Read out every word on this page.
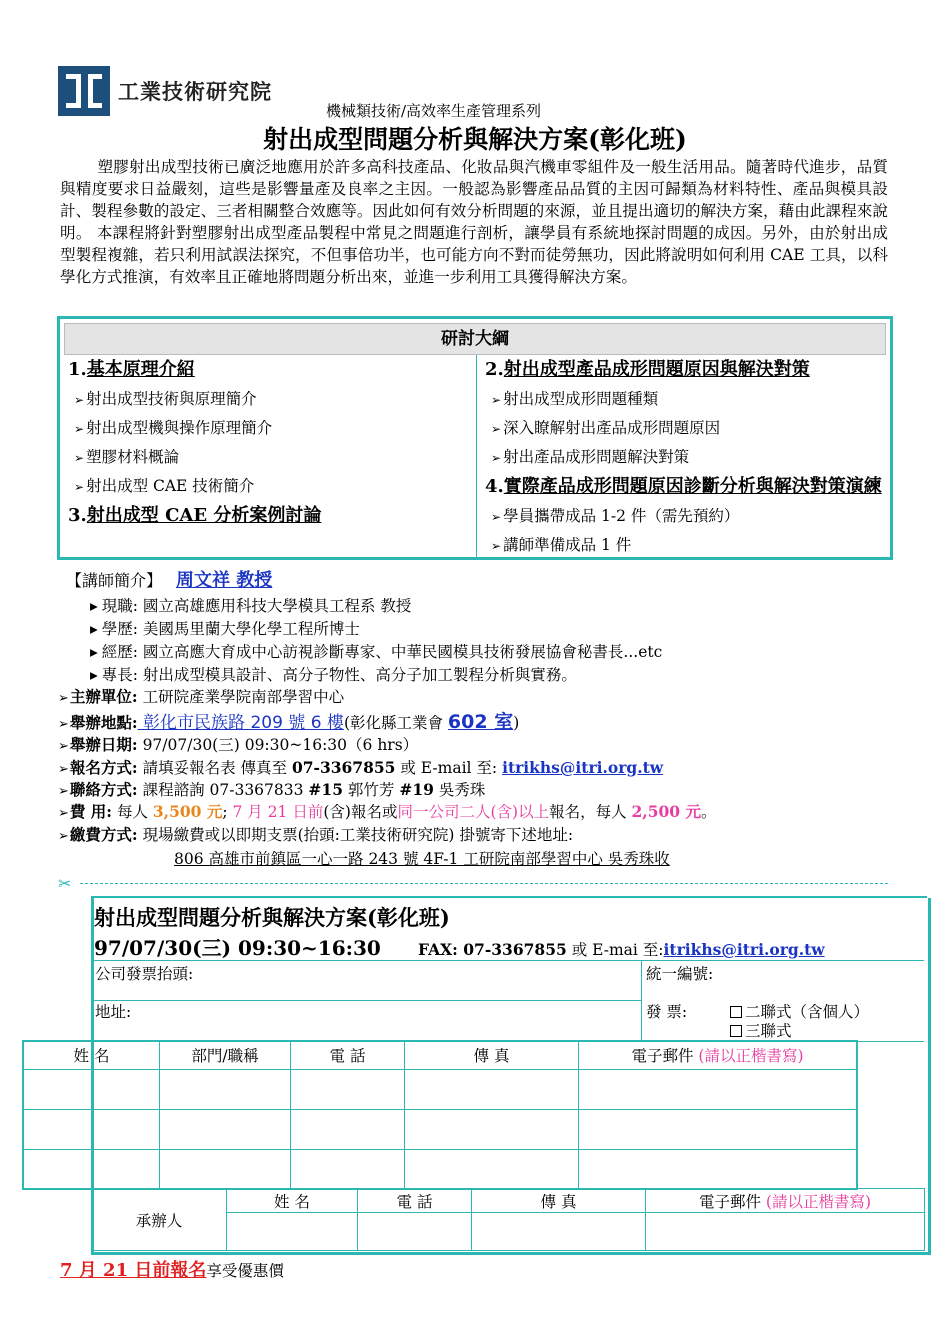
工業技術研究院
機械類技術/高效率生產管理系列
射出成型問題分析與解決方案(彰化班)

塑膠射出成型技術已廣泛地應用於許多高科技產品、化妝品與汽機車零組件及一般生活用品。隨著時代進步，品質與精度要求日益嚴刻，這些是影響量產及良率之主因。一般認為影響產品品質的主因可歸類為材料特性、產品與模具設計、製程參數的設定、三者相關整合效應等。因此如何有效分析問題的來源，並且提出適切的解決方案，藉由此課程來說明。 本課程將針對塑膠射出成型產品製程中常見之問題進行剖析，讓學員有系統地探討問題的成因。另外，由於射出成型製程複雜，若只利用試誤法探究，不但事倍功半，也可能方向不對而徒勞無功，因此將說明如何利用 CAE 工具，以科學化方式推演，有效率且正確地將問題分析出來，並進一步利用工具獲得解決方案。

研討大綱
1.基本原理介紹
➢ 射出成型技術與原理簡介
➢ 射出成型機與操作原理簡介
➢ 塑膠材料概論
➢ 射出成型 CAE 技術簡介
3.射出成型 CAE 分析案例討論
2.射出成型產品成形問題原因與解決對策
➢ 射出成型成形問題種類
➢ 深入瞭解射出產品成形問題原因
➢ 射出產品成形問題解決對策
4.實際產品成形問題原因診斷分析與解決對策演練
➢ 學員攜帶成品 1-2 件（需先預約）
➢ 講師準備成品 1 件
【講師簡介】 周文祥 教授
▸ 現職: 國立高雄應用科技大學模具工程系 教授
▸ 學歷: 美國馬里蘭大學化學工程所博士
▸ 經歷: 國立高應大育成中心訪視診斷專家、中華民國模具技術發展協會秘書長...etc
▸ 專長: 射出成型模具設計、高分子物性、高分子加工製程分析與實務。
➢ 主辦單位: 工研院產業學院南部學習中心
➢ 舉辦地點: 彰化市民族路 209 號 6 樓(彰化縣工業會 602 室)
➢ 舉辦日期: 97/07/30(三) 09:30~16:30（6 hrs）
➢ 報名方式: 請填妥報名表 傳真至 07-3367855 或 E-mail 至: itrikhs@itri.org.tw
➢ 聯絡方式: 課程諮詢 07-3367833 #15 郭竹芳 #19 吳秀珠
➢ 費 用: 每人 3,500 元; 7 月 21 日前(含)報名或同一公司二人(含)以上報名，每人 2,500 元。
➢ 繳費方式: 現場繳費或以即期支票(抬頭:工業技術研究院) 掛號寄下述地址:
806 高雄市前鎮區一心一路 243 號 4F-1 工研院南部學習中心 吳秀珠收
✂
射出成型問題分析與解決方案(彰化班)
97/07/30(三) 09:30~16:30 FAX: 07-3367855 或 E-mai 至:itrikhs@itri.org.tw
公司發票抬頭:	統一編號:
地址:	發 票:	二聯式（含個人）
三聯式
姓 名	部門/職稱	電 話	傳 真	電子郵件 (請以正楷書寫)

承辦人	姓 名	電 話	傳 真	電子郵件 (請以正楷書寫)

7 月 21 日前報名享受優惠價
